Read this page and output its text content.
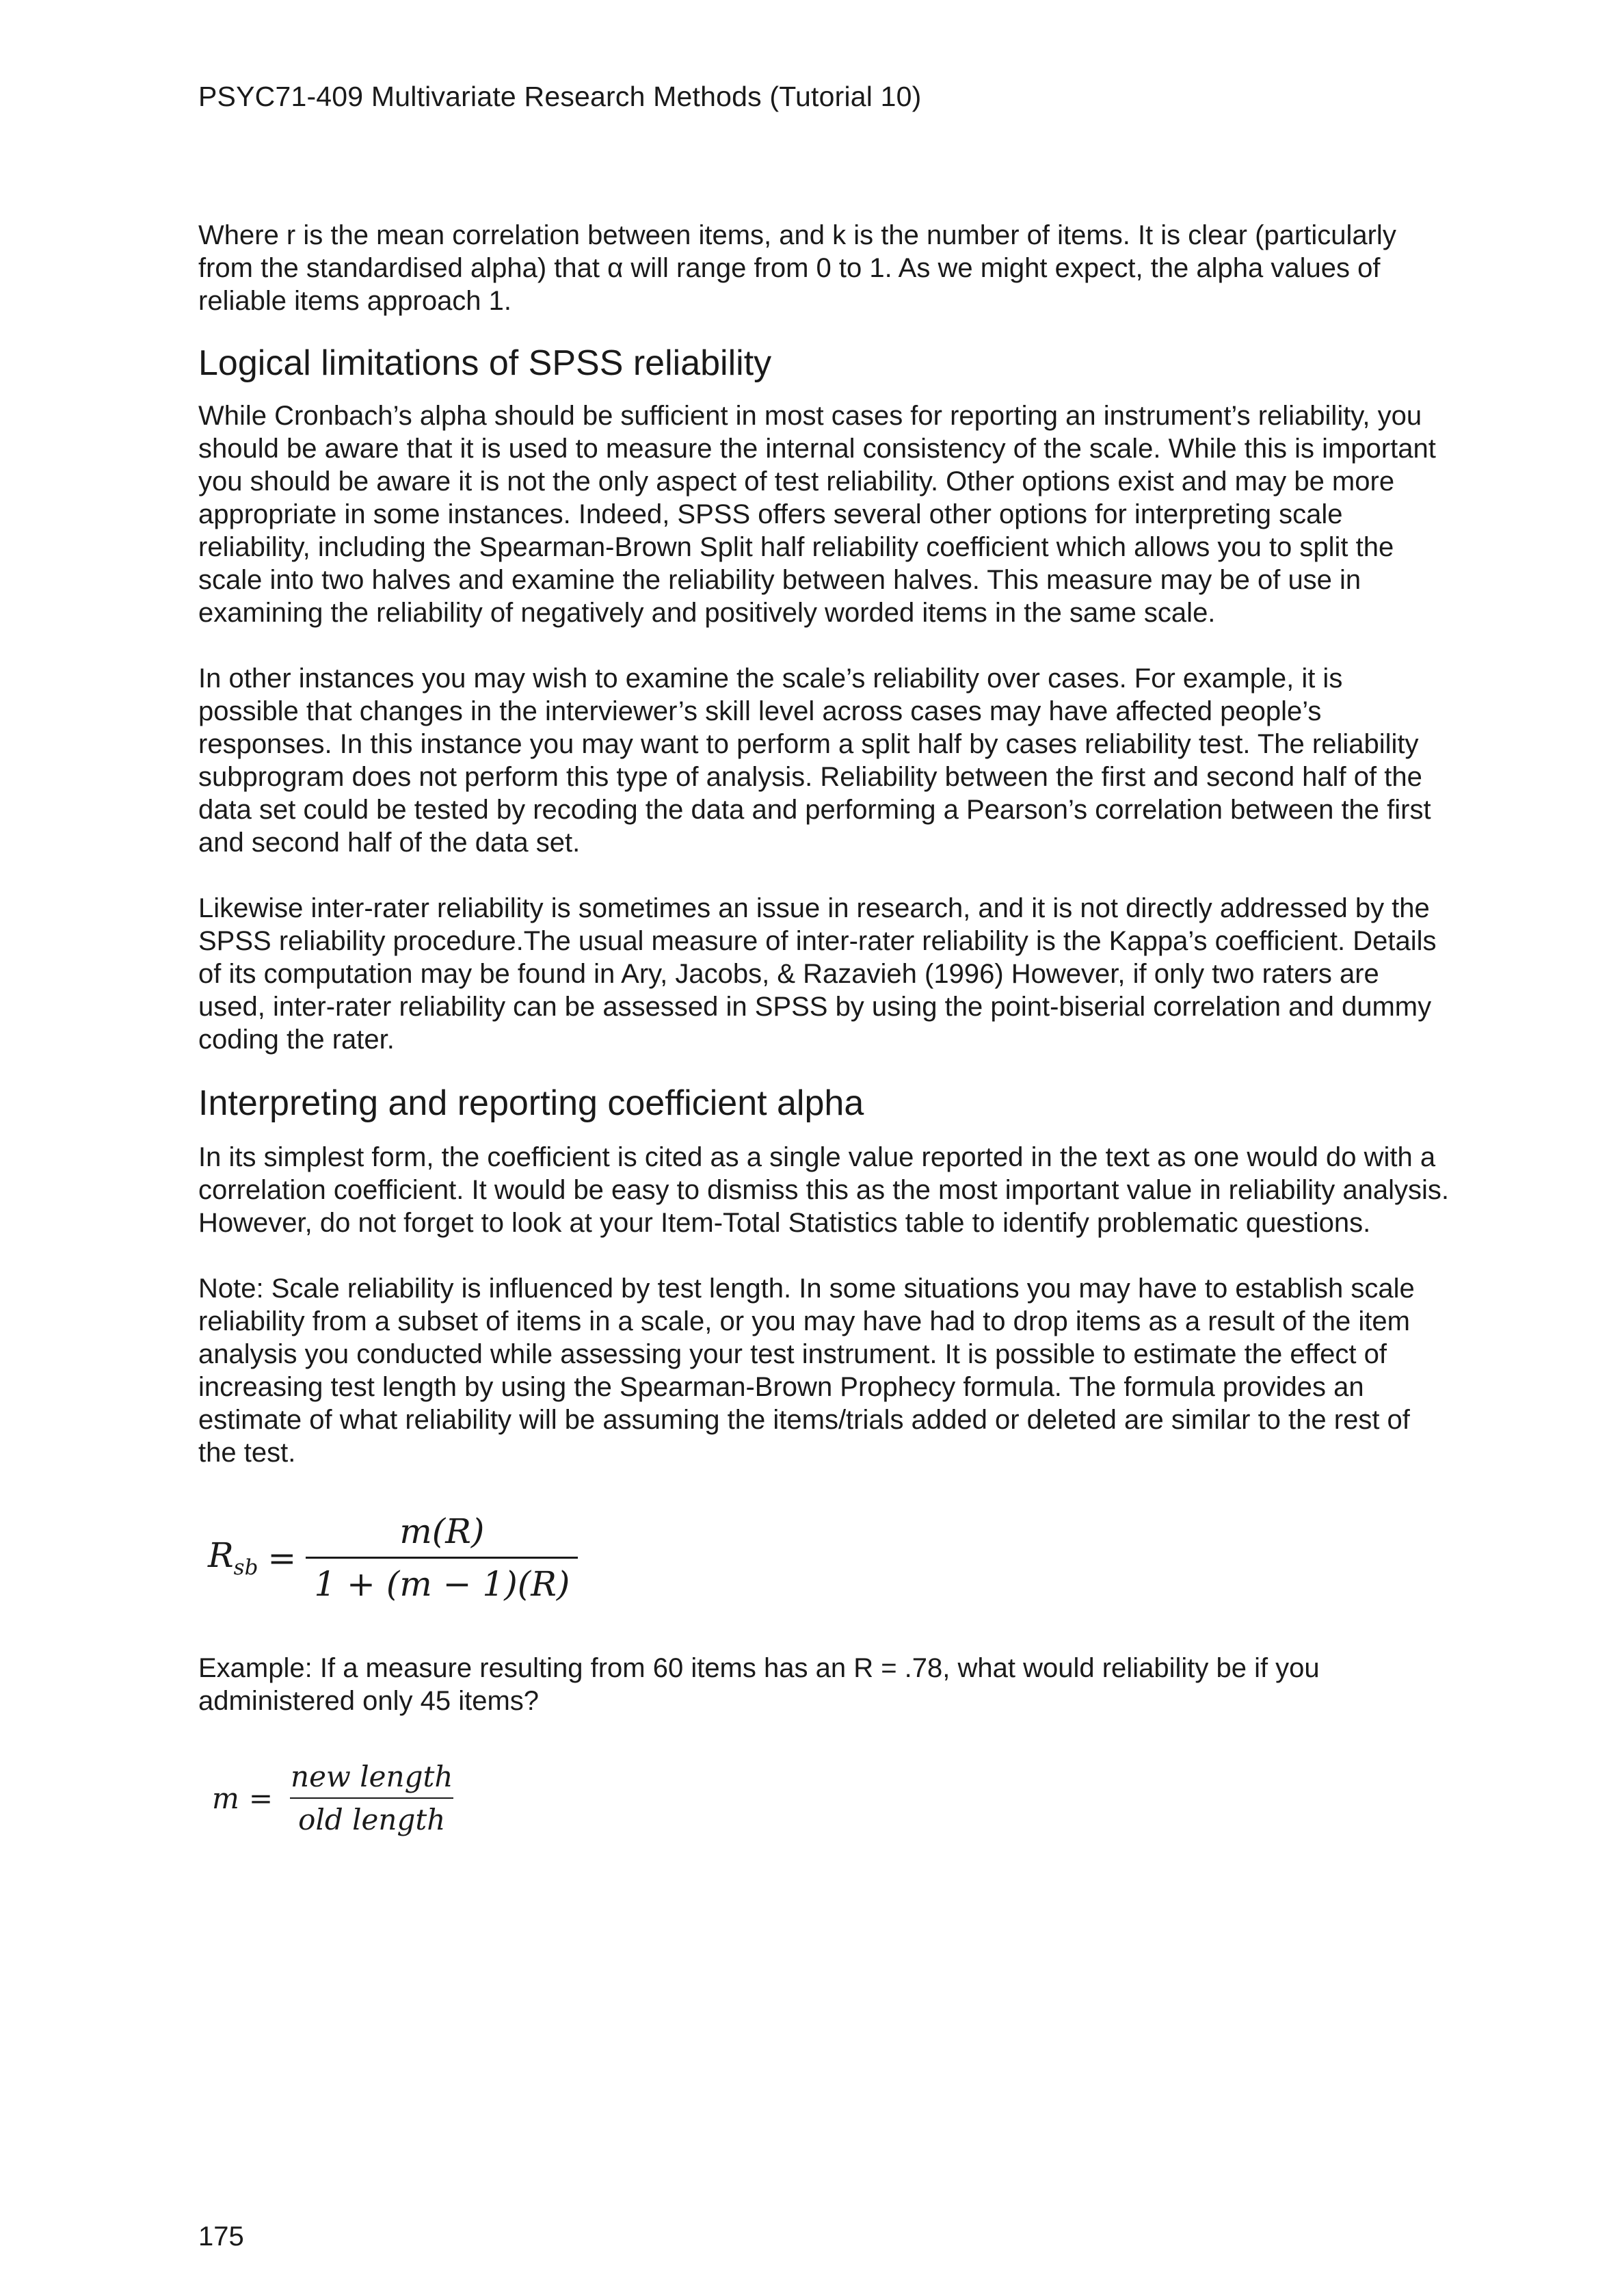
PSYC71-409 Multivariate Research Methods (Tutorial 10)

Where r is the mean correlation between items, and k is the number of items. It is clear (particularly from the standardised alpha) that α will range from 0 to 1. As we might expect, the alpha values of reliable items approach 1.

Logical limitations of SPSS reliability

While Cronbach’s alpha should be sufficient in most cases for reporting an instrument’s reliability, you should be aware that it is used to measure the internal consistency of the scale. While this is important you should be aware it is not the only aspect of test reliability. Other options exist and may be more appropriate in some instances. Indeed, SPSS offers several other options for interpreting scale reliability, including the Spearman-Brown Split half reliability coefficient which allows you to split the scale into two halves and examine the reliability between halves. This measure may be of use in examining the reliability of negatively and positively worded items in the same scale.

In other instances you may wish to examine the scale’s reliability over cases. For example, it is possible that changes in the interviewer’s skill level across cases may have affected people’s responses. In this instance you may want to perform a split half by cases reliability test. The reliability subprogram does not perform this type of analysis. Reliability between the first and second half of the data set could be tested by recoding the data and performing a Pearson’s correlation between the first and second half of the data set.

Likewise inter-rater reliability is sometimes an issue in research, and it is not directly addressed by the SPSS reliability procedure.The usual measure of inter-rater reliability is the Kappa’s coefficient. Details of its computation may be found in Ary, Jacobs, & Razavieh (1996) However, if only two raters are used, inter-rater reliability can be assessed in SPSS by using the point-biserial correlation and dummy coding the rater.

Interpreting and reporting coefficient alpha

In its simplest form, the coefficient is cited as a single value reported in the text as one would do with a correlation coefficient. It would be easy to dismiss this as the most important value in reliability analysis. However, do not forget to look at your Item-Total Statistics table to identify problematic questions.

Note: Scale reliability is influenced by test length. In some situations you may have to establish scale reliability from a subset of items in a scale, or you may have had to drop items as a result of the item analysis you conducted while assessing your test instrument. It is possible to estimate the effect of increasing test length by using the Spearman-Brown Prophecy formula. The formula provides an estimate of what reliability will be assuming the items/trials added or deleted are similar to the rest of the test.

$R_{sb} = \frac{m(R)}{1 + (m - 1)(R)}$

Example: If a measure resulting from 60 items has an R = .78, what would reliability be if you administered only 45 items?

$m = \frac{\text{new length}}{\text{old length}}$
175
